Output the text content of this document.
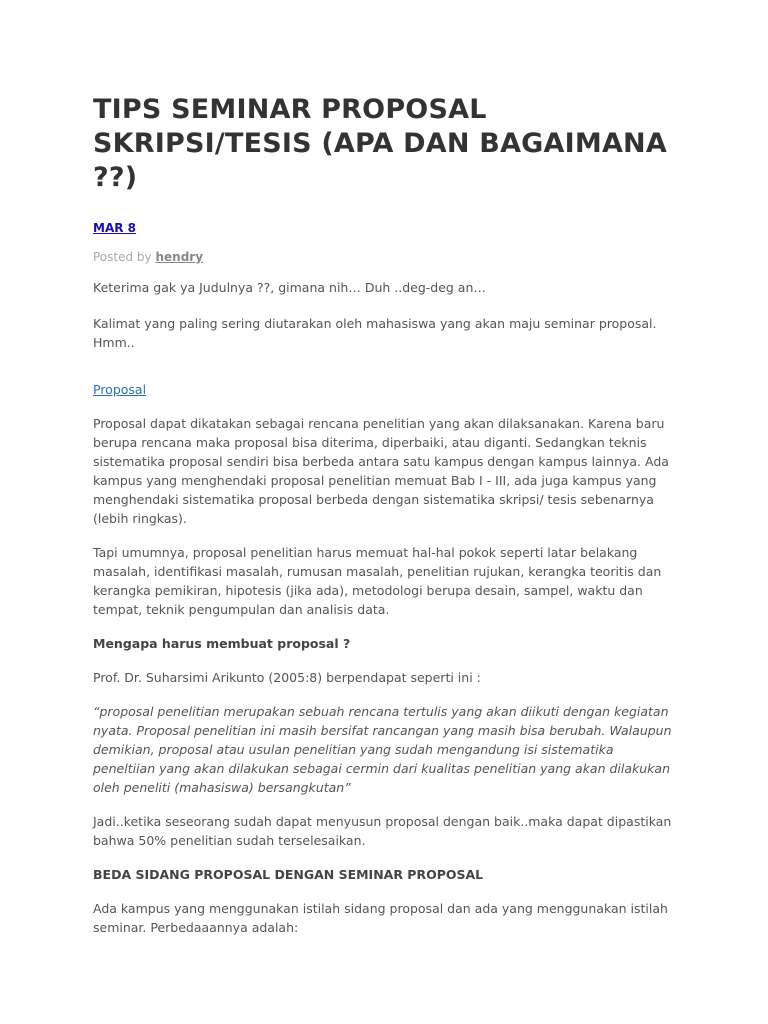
TIPS SEMINAR PROPOSAL SKRIPSI/TESIS (APA DAN BAGAIMANA ??)
MAR 8
Posted by hendry

Keterima gak ya Judulnya ??, gimana nih… Duh ..deg-deg an…

Kalimat yang paling sering diutarakan oleh mahasiswa yang akan maju seminar proposal. Hmm..

Proposal

Proposal dapat dikatakan sebagai rencana penelitian yang akan dilaksanakan. Karena baru berupa rencana maka proposal bisa diterima, diperbaiki, atau diganti. Sedangkan teknis sistematika proposal sendiri bisa berbeda antara satu kampus dengan kampus lainnya. Ada kampus yang menghendaki proposal penelitian memuat Bab I - III, ada juga kampus yang menghendaki sistematika proposal berbeda dengan sistematika skripsi/ tesis sebenarnya (lebih ringkas).

Tapi umumnya, proposal penelitian harus memuat hal-hal pokok seperti latar belakang masalah, identifikasi masalah, rumusan masalah, penelitian rujukan, kerangka teoritis dan kerangka pemikiran, hipotesis (jika ada), metodologi berupa desain, sampel, waktu dan tempat, teknik pengumpulan dan analisis data.

Mengapa harus membuat proposal ?

Prof. Dr. Suharsimi Arikunto (2005:8) berpendapat seperti ini :

“proposal penelitian merupakan sebuah rencana tertulis yang akan diikuti dengan kegiatan nyata. Proposal penelitian ini masih bersifat rancangan yang masih bisa berubah. Walaupun demikian, proposal atau usulan penelitian yang sudah mengandung isi sistematika peneltiian yang akan dilakukan sebagai cermin dari kualitas penelitian yang akan dilakukan oleh peneliti (mahasiswa) bersangkutan”

Jadi..ketika seseorang sudah dapat menyusun proposal dengan baik..maka dapat dipastikan bahwa 50% penelitian sudah terselesaikan.

BEDA SIDANG PROPOSAL DENGAN SEMINAR PROPOSAL

Ada kampus yang menggunakan istilah sidang proposal dan ada yang menggunakan istilah seminar. Perbedaaannya adalah:
